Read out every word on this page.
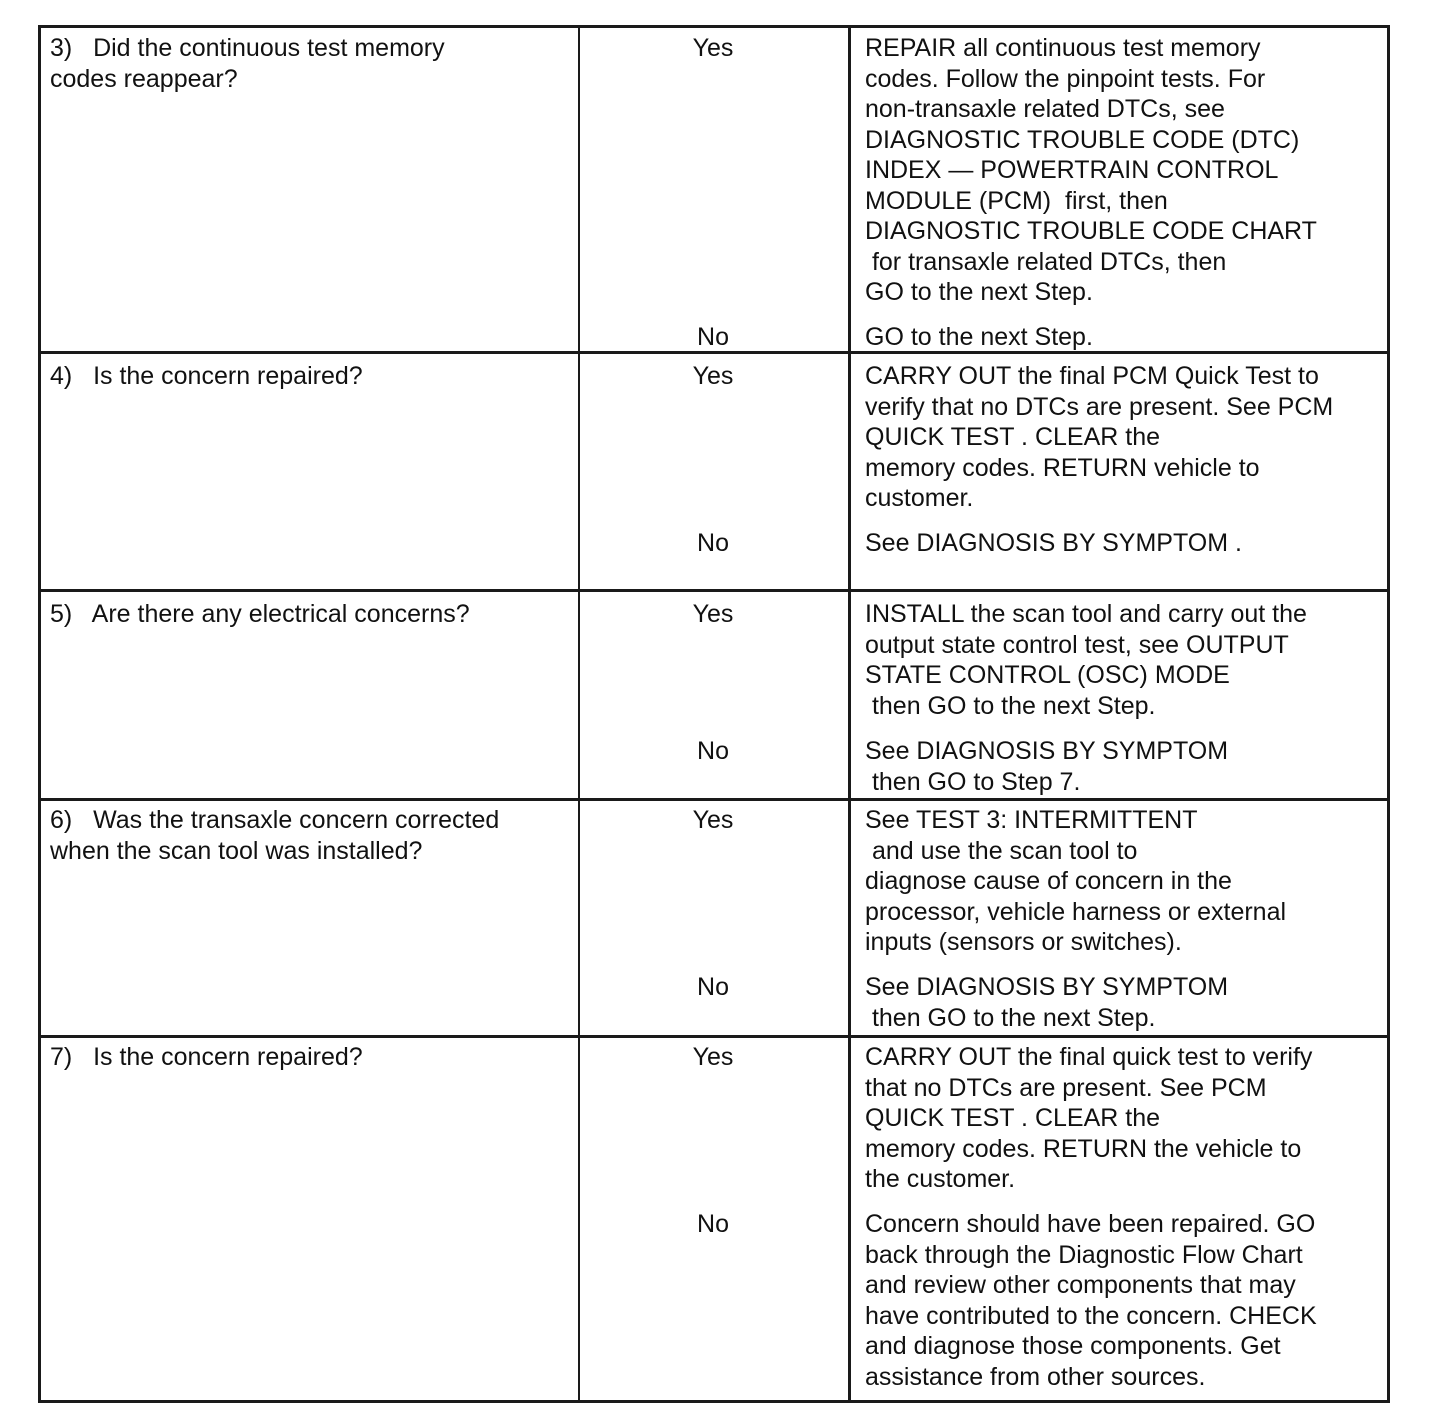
3)   Did the continuous test memory
codes reappear?
Yes	REPAIR all continuous test memory
codes. Follow the pinpoint tests. For
non-transaxle related DTCs, see
DIAGNOSTIC TROUBLE CODE (DTC)
INDEX — POWERTRAIN CONTROL
MODULE (PCM)  first, then
DIAGNOSTIC TROUBLE CODE CHART
for transaxle related DTCs, then
GO to the next Step.
No	GO to the next Step.
4)   Is the concern repaired?	Yes	CARRY OUT the final PCM Quick Test to
verify that no DTCs are present. See PCM
QUICK TEST . CLEAR the
memory codes. RETURN vehicle to
customer.
No	See DIAGNOSIS BY SYMPTOM .
5)   Are there any electrical concerns?	Yes	INSTALL the scan tool and carry out the
output state control test, see OUTPUT
STATE CONTROL (OSC) MODE
then GO to the next Step.
No	See DIAGNOSIS BY SYMPTOM
then GO to Step 7.
6)   Was the transaxle concern corrected
when the scan tool was installed?
Yes	See TEST 3: INTERMITTENT
and use the scan tool to
diagnose cause of concern in the
processor, vehicle harness or external
inputs (sensors or switches).
No	See DIAGNOSIS BY SYMPTOM
then GO to the next Step.
7)   Is the concern repaired?	Yes	CARRY OUT the final quick test to verify
that no DTCs are present. See PCM
QUICK TEST . CLEAR the
memory codes. RETURN the vehicle to
the customer.
No	Concern should have been repaired. GO
back through the Diagnostic Flow Chart
and review other components that may
have contributed to the concern. CHECK
and diagnose those components. Get
assistance from other sources.
